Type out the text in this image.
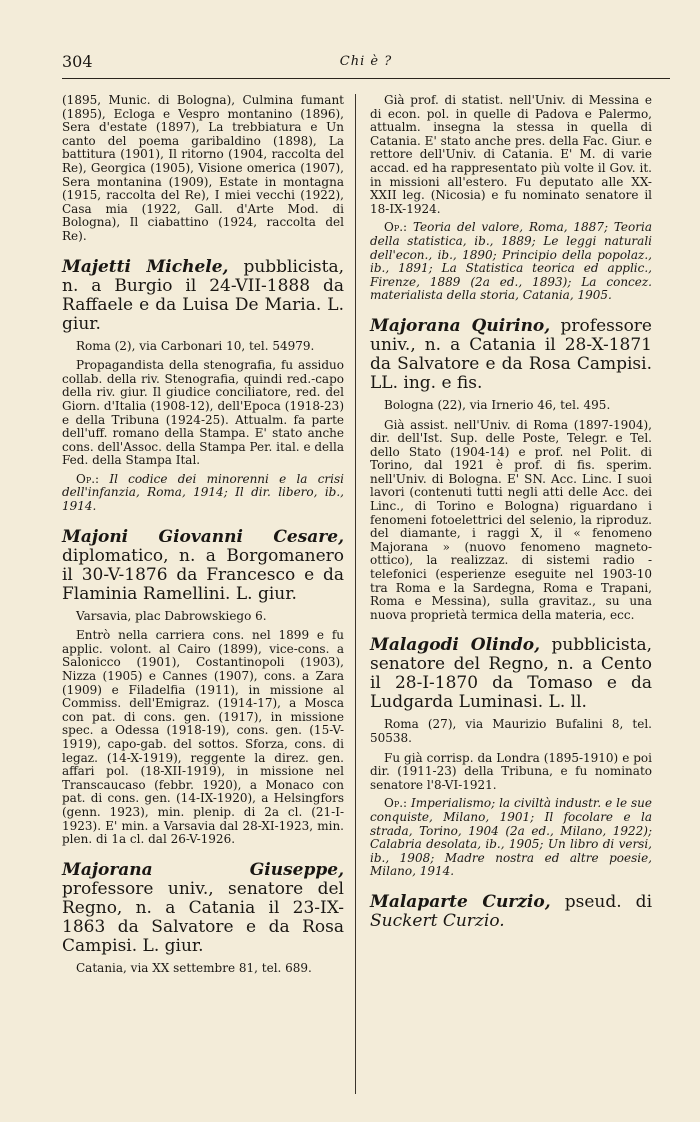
304	Chi è ?

(1895, Munic. di Bologna), Culmina fumant (1895), Ecloga e Vespro montanino (1896), Sera d'estate (1897), La trebbiatura e Un canto del poema garibaldino (1898), La battitura (1901), Il ritorno (1904, raccolta del Re), Georgica (1905), Visione omerica (1907), Sera montanina (1909), Estate in montagna (1915, raccolta del Re), I miei vecchi (1922), Casa mia (1922, Gall. d'Arte Mod. di Bologna), Il ciabattino (1924, raccolta del Re).

Majetti Michele, pubblicista, n. a Burgio il 24-VII-1888 da Raffaele e da Luisa De Maria. L. giur.

Roma (2), via Carbonari 10, tel. 54979.

Propagandista della stenografia, fu assiduo collab. della riv. Stenografia, quindi red.-capo della riv. giur. Il giudice conciliatore, red. del Giorn. d'Italia (1908-12), dell'Epoca (1918-23) e della Tribuna (1924-25). Attualm. fa parte dell'uff. romano della Stampa. E' stato anche cons. dell'Assoc. della Stampa Per. ital. e della Fed. della Stampa Ital.

Op.: Il codice dei minorenni e la crisi dell'infanzia, Roma, 1914; Il dir. libero, ib., 1914.

Majoni Giovanni Cesare, diplomatico, n. a Borgomanero il 30-V-1876 da Francesco e da Flaminia Ramellini. L. giur.

Varsavia, plac Dabrowskiego 6.

Entrò nella carriera cons. nel 1899 e fu applic. volont. al Cairo (1899), vice-cons. a Salonicco (1901), Costantinopoli (1903), Nizza (1905) e Cannes (1907), cons. a Zara (1909) e Filadelfia (1911), in missione al Commiss. dell'Emigraz. (1914-17), a Mosca con pat. di cons. gen. (1917), in missione spec. a Odessa (1918-19), cons. gen. (15-V-1919), capo-gab. del sottos. Sforza, cons. di legaz. (14-X-1919), reggente la direz. gen. affari pol. (18-XII-1919), in missione nel Transcaucaso (febbr. 1920), a Monaco con pat. di cons. gen. (14-IX-1920), a Helsingfors (genn. 1923), min. plenip. di 2a cl. (21-I-1923). E' min. a Varsavia dal 28-XI-1923, min. plen. di 1a cl. dal 26-V-1926.

Majorana Giuseppe, professore univ., senatore del Regno, n. a Catania il 23-IX-1863 da Salvatore e da Rosa Campisi. L. giur.

Catania, via XX settembre 81, tel. 689.

Già prof. di statist. nell'Univ. di Messina e di econ. pol. in quelle di Padova e Palermo, attualm. insegna la stessa in quella di Catania. E' stato anche pres. della Fac. Giur. e rettore dell'Univ. di Catania. E' M. di varie accad. ed ha rappresentato più volte il Gov. it. in missioni all'estero. Fu deputato alle XX-XXII leg. (Nicosia) e fu nominato senatore il 18-IX-1924.

Op.: Teoria del valore, Roma, 1887; Teoria della statistica, ib., 1889; Le leggi naturali dell'econ., ib., 1890; Principio della popolaz., ib., 1891; La Statistica teorica ed applic., Firenze, 1889 (2a ed., 1893); La concez. materialista della storia, Catania, 1905.

Majorana Quirino, professore univ., n. a Catania il 28-X-1871 da Salvatore e da Rosa Campisi. LL. ing. e fis.

Bologna (22), via Irnerio 46, tel. 495.

Già assist. nell'Univ. di Roma (1897-1904), dir. dell'Ist. Sup. delle Poste, Telegr. e Tel. dello Stato (1904-14) e prof. nel Polit. di Torino, dal 1921 è prof. di fis. sperim. nell'Univ. di Bologna. E' SN. Acc. Linc. I suoi lavori (contenuti tutti negli atti delle Acc. dei Linc., di Torino e Bologna) riguardano i fenomeni fotoelettrici del selenio, la riproduz. del diamante, i raggi X, il « fenomeno Majorana » (nuovo fenomeno magneto-ottico), la realizzaz. di sistemi radio - telefonici (esperienze eseguite nel 1903-10 tra Roma e la Sardegna, Roma e Trapani, Roma e Messina), sulla gravitaz., su una nuova proprietà termica della materia, ecc.

Malagodi Olindo, pubblicista, senatore del Regno, n. a Cento il 28-I-1870 da Tomaso e da Ludgarda Luminasi. L. ll.

Roma (27), via Maurizio Bufalini 8, tel. 50538.

Fu già corrisp. da Londra (1895-1910) e poi dir. (1911-23) della Tribuna, e fu nominato senatore l'8-VI-1921.

Op.: Imperialismo; la civiltà industr. e le sue conquiste, Milano, 1901; Il focolare e la strada, Torino, 1904 (2a ed., Milano, 1922); Calabria desolata, ib., 1905; Un libro di versi, ib., 1908; Madre nostra ed altre poesie, Milano, 1914.

Malaparte Curzio, pseud. di Suckert Curzio.
